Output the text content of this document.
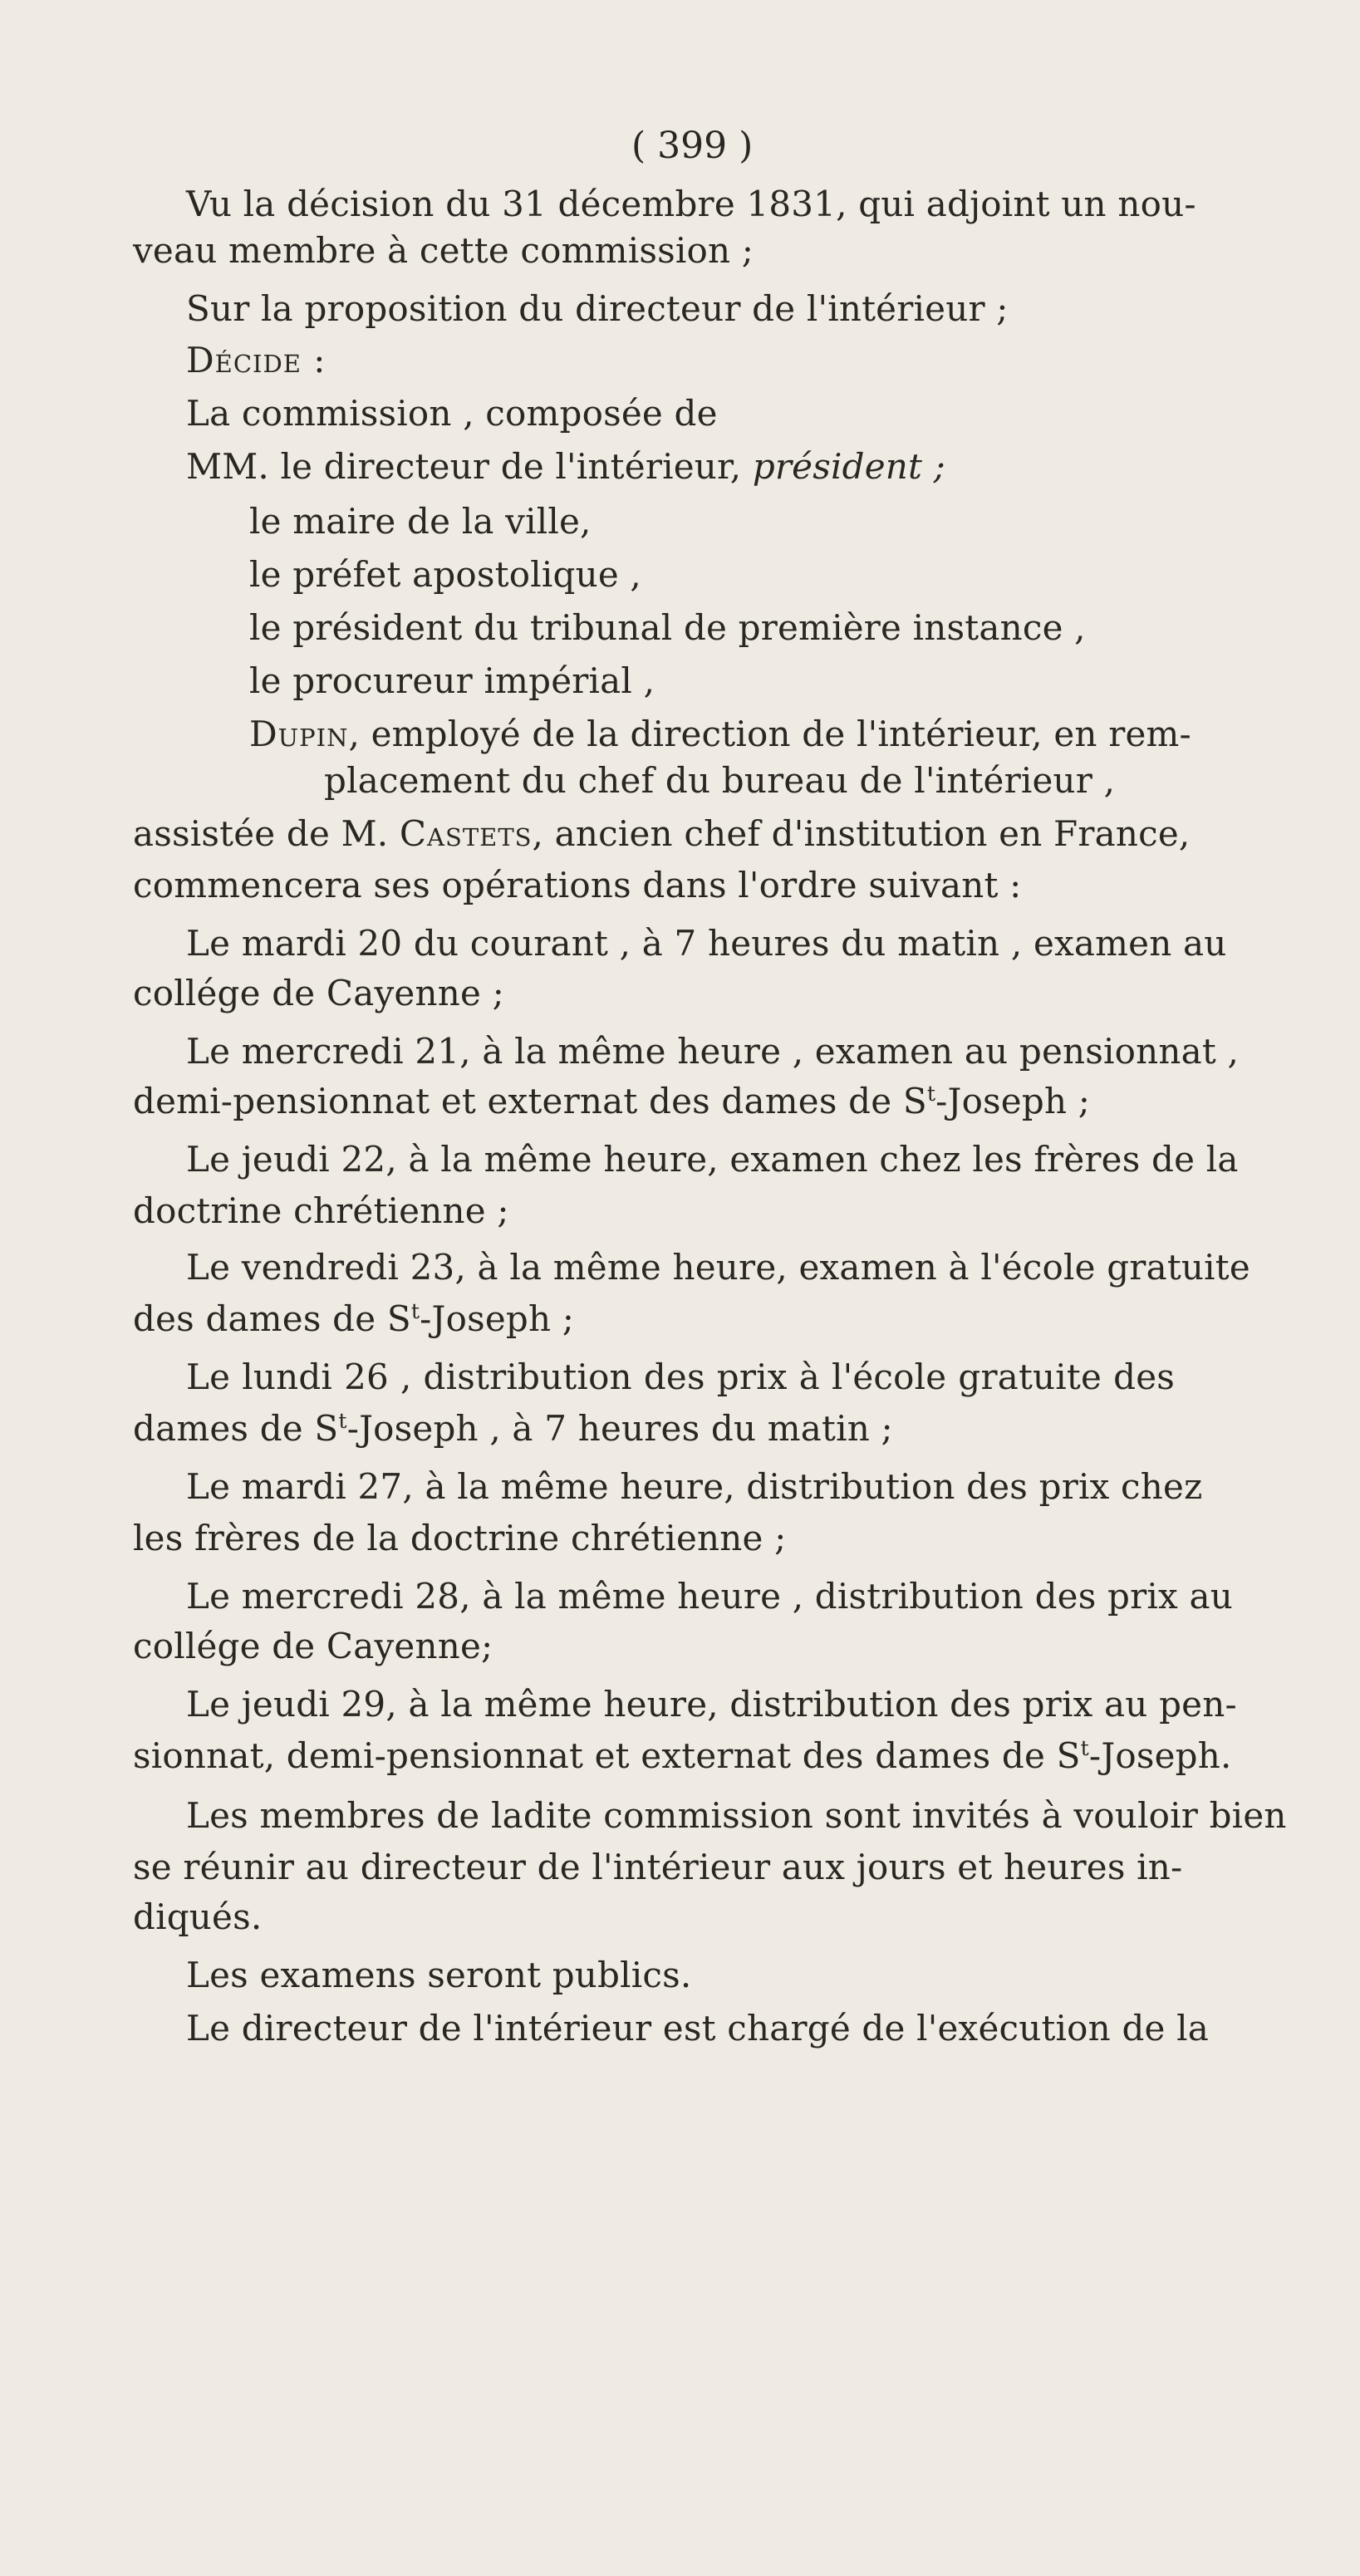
( 399 )
Vu la décision du 31 décembre 1831, qui adjoint un nou-
veau membre à cette commission ;
Sur la proposition du directeur de l'intérieur ;
Décide :
La commission , composée de
MM. le directeur de l'intérieur, président ;
le maire de la ville,
le préfet apostolique ,
le président du tribunal de première instance ,
le procureur impérial ,
Dupin, employé de la direction de l'intérieur, en rem-
placement du chef du bureau de l'intérieur ,
assistée de M. Castets, ancien chef d'institution en France,
commencera ses opérations dans l'ordre suivant :
Le mardi 20 du courant , à 7 heures du matin , examen au
collége de Cayenne ;
Le mercredi 21, à la même heure , examen au pensionnat ,
demi-pensionnat et externat des dames de $S^t$-Joseph ;
Le jeudi 22, à la même heure, examen chez les frères de la
doctrine chrétienne ;
Le vendredi 23, à la même heure, examen à l'école gratuite
des dames de $S^t$-Joseph ;
Le lundi 26 , distribution des prix à l'école gratuite des
dames de $S^t$-Joseph , à 7 heures du matin ;
Le mardi 27, à la même heure, distribution des prix chez
les frères de la doctrine chrétienne ;
Le mercredi 28, à la même heure , distribution des prix au
collége de Cayenne;
Le jeudi 29, à la même heure, distribution des prix au pen-
sionnat, demi-pensionnat et externat des dames de $S^t$-Joseph.
Les membres de ladite commission sont invités à vouloir bien
se réunir au directeur de l'intérieur aux jours et heures in-
diqués.
Les examens seront publics.
Le directeur de l'intérieur est chargé de l'exécution de la
